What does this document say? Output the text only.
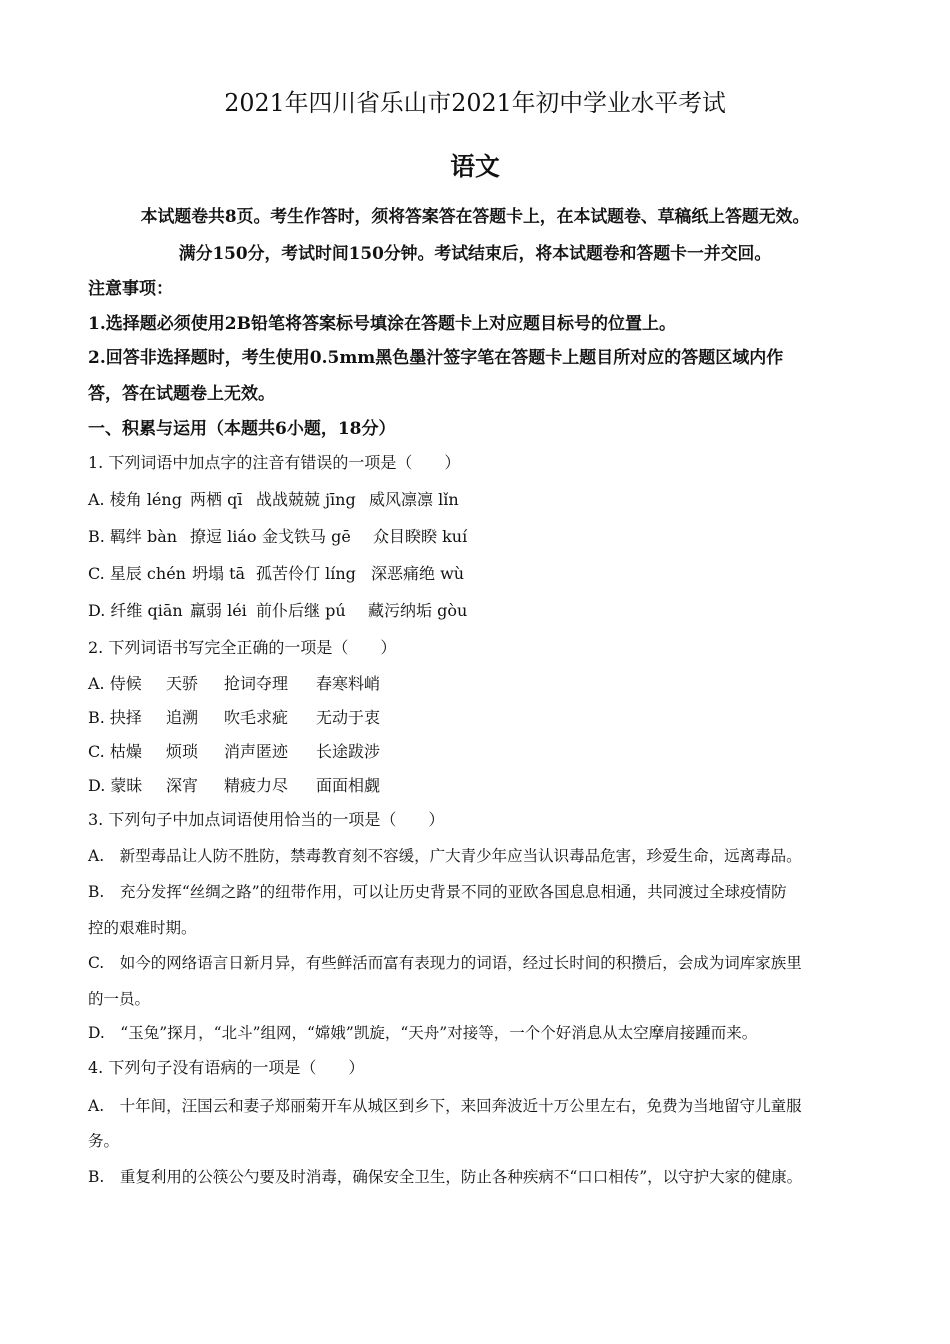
2021年四川省乐山市2021年初中学业水平考试
语文
本试题卷共8页。考生作答时，须将答案答在答题卡上，在本试题卷、草稿纸上答题无效。
满分150分，考试时间150分钟。考试结束后，将本试题卷和答题卡一并交回。
注意事项：
1.选择题必须使用2B铅笔将答案标号填涂在答题卡上对应题目标号的位置上。
2.回答非选择题时，考生使用0.5mm黑色墨汁签字笔在答题卡上题目所对应的答题区域内作
答，答在试题卷上无效。
一、积累与运用（本题共6小题，18分）
1. 下列词语中加点字的注音有错误的一项是（　　）
A. 棱角 léng 两栖 qī 战战兢兢 jīng 威风凛凛 lǐn
B. 羁绊 bàn 撩逗 liáo 金戈铁马 gē 众目睽睽 kuí
C. 星辰 chén 坍塌 tā 孤苦伶仃 líng 深恶痛绝 wù
D. 纤维 qiān 羸弱 léi 前仆后继 pú 藏污纳垢 gòu
2. 下列词语书写完全正确的一项是（　　）
A. 侍候 天骄 抢词夺理 春寒料峭
B. 抉择 追溯 吹毛求疵 无动于衷
C. 枯燥 烦琐 消声匿迹 长途跋涉
D. 蒙昧 深宵 精疲力尽 面面相觑
3. 下列句子中加点词语使用恰当的一项是（　　）
A.　新型毒品让人防不胜防，禁毒教育刻不容缓，广大青少年应当认识毒品危害，珍爱生命，远离毒品。
B.　充分发挥“丝绸之路”的纽带作用，可以让历史背景不同的亚欧各国息息相通，共同渡过全球疫情防
控的艰难时期。
C.　如今的网络语言日新月异，有些鲜活而富有表现力的词语，经过长时间的积攒后，会成为词库家族里
的一员。
D.　“玉兔”探月，“北斗”组网，“嫦娥”凯旋，“天舟”对接等，一个个好消息从太空摩肩接踵而来。
4. 下列句子没有语病的一项是（　　）
A.　十年间，汪国云和妻子郑丽菊开车从城区到乡下，来回奔波近十万公里左右，免费为当地留守儿童服
务。
B.　重复利用的公筷公勺要及时消毒，确保安全卫生，防止各种疾病不“口口相传”，以守护大家的健康。
